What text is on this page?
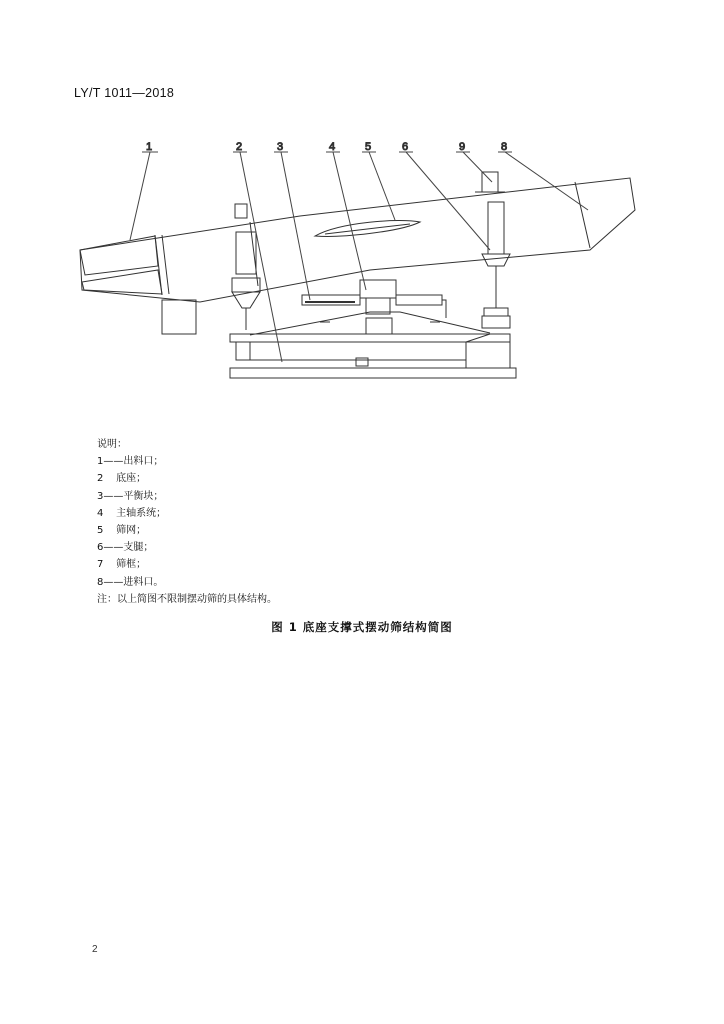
LY/T 1011—2018
1	2	3	4	5	6	9	8
说明：
1——出料口；
2    底座；
3——平衡块；
4    主轴系统；
5    筛网；
6——支腿；
7    筛框；
8——进料口。
注：以上简图不限制摆动筛的具体结构。
图 1 底座支撑式摆动筛结构简图
2
